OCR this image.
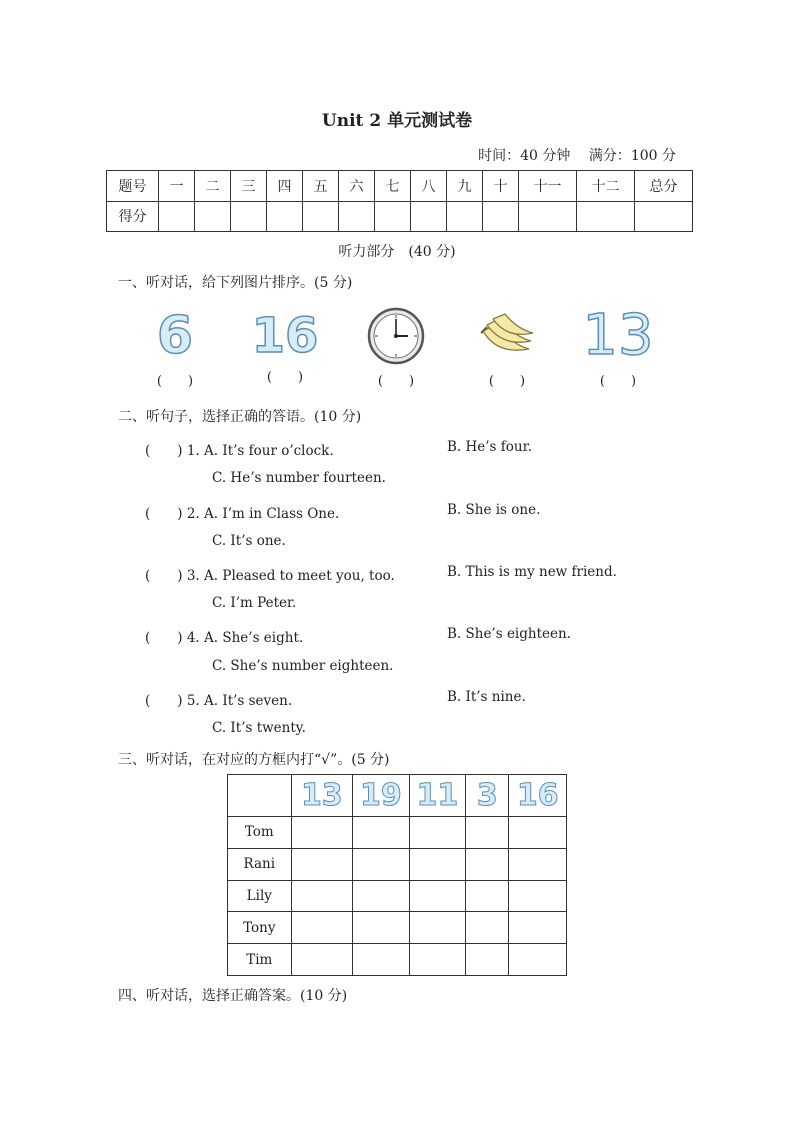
Unit 2 单元测试卷
时间：40 分钟 满分：100 分
题号	一	二	三	四	五	六	七	八	九	十	十一	十二	总分
得分													
听力部分　(40 分)
一、听对话，给下列图片排序。(5 分)
6
(　　)
16
(　　)	(　　)	(　　)
13
(　　)
二、听句子，选择正确的答语。(10 分)
(　　) 1. A. It’s four o’clock.	B. He’s four.
C. He’s number fourteen.
(　　) 2. A. I’m in Class One.	B. She is one.
C. It’s one.
(　　) 3. A. Pleased to meet you, too.	B. This is my new friend.
C. I’m Peter.
(　　) 4. A. She’s eight.	B. She’s eighteen.
C. She’s number eighteen.
(　　) 5. A. It’s seven.	B. It’s nine.
C. It’s twenty.
三、听对话，在对应的方框内打“√”。(5 分)
	13	19	11	3	16
Tom					
Rani					
Lily					
Tony					
Tim					
四、听对话，选择正确答案。(10 分)
